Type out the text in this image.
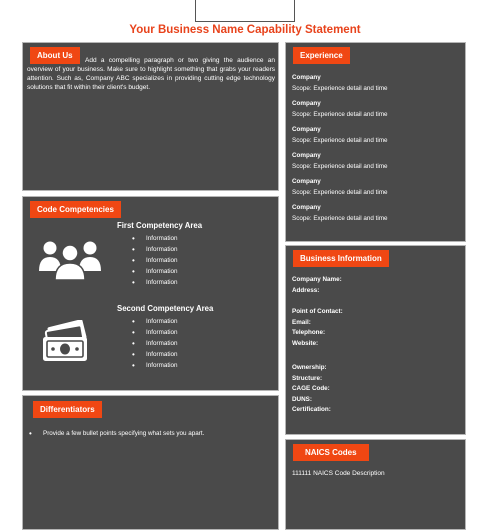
Your Business Name Capability Statement
About Us
Add a compelling paragraph or two giving the audience an overview of your business. Make sure to highlight something that grabs your readers attention. Such as, Company ABC specializes in providing cutting edge technology solutions that fit within their client's budget.
Code Competencies
First Competency Area
• Information
• Information
• Information
• Information
• Information
Second Competency Area
• Information
• Information
• Information
• Information
• Information
Differentiators
• Provide a few bullet points specifying what sets you apart.
Experience
Company
Scope: Experience detail and time
Company
Scope: Experience detail and time
Company
Scope: Experience detail and time
Company
Scope: Experience detail and time
Company
Scope: Experience detail and time
Company
Scope: Experience detail and time
Business Information
Company Name:
Address:
Point of Contact:
Email:
Telephone:
Website:
Ownership:
Structure:
CAGE Code:
DUNS:
Certification:
NAICS Codes
111111 NAICS Code Description
